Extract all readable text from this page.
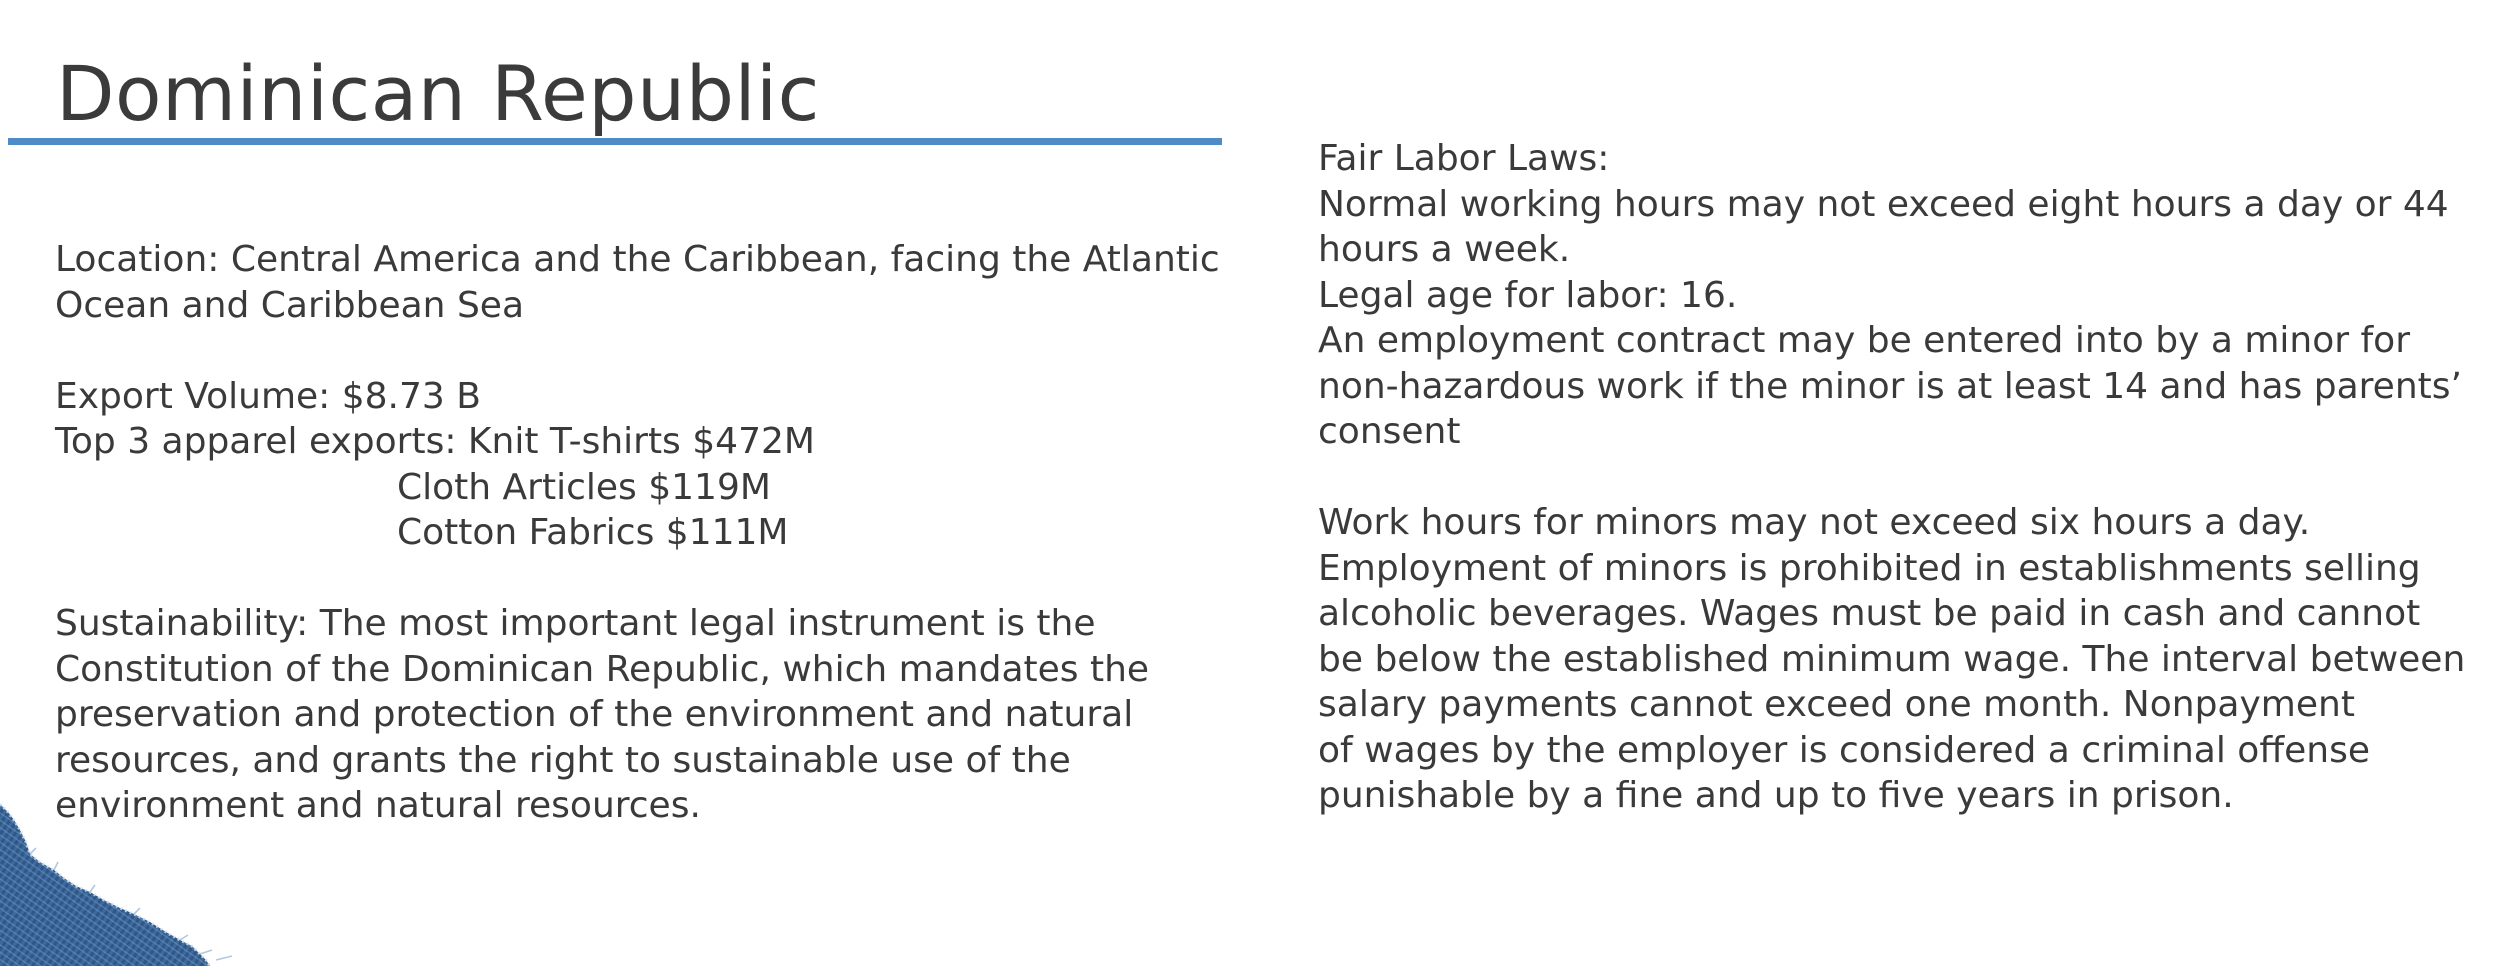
Dominican Republic
Location: Central America and the Caribbean, facing the Atlantic
Ocean and Caribbean Sea
Export Volume: $8.73 B
Top 3 apparel exports: Knit T-shirts $472M
Cloth Articles $119M
Cotton Fabrics $111M
Sustainability: The most important legal instrument is the
Constitution of the Dominican Republic, which mandates the
preservation and protection of the environment and natural
resources, and grants the right to sustainable use of the
environment and natural resources.
Fair Labor Laws:
Normal working hours may not exceed eight hours a day or 44
hours a week.
Legal age for labor: 16.
An employment contract may be entered into by a minor for
non-hazardous work if the minor is at least 14 and has parents’
consent
Work hours for minors may not exceed six hours a day.
Employment of minors is prohibited in establishments selling
alcoholic beverages. Wages must be paid in cash and cannot
be below the established minimum wage. The interval between
salary payments cannot exceed one month. Nonpayment
of wages by the employer is considered a criminal offense
punishable by a fine and up to five years in prison.
